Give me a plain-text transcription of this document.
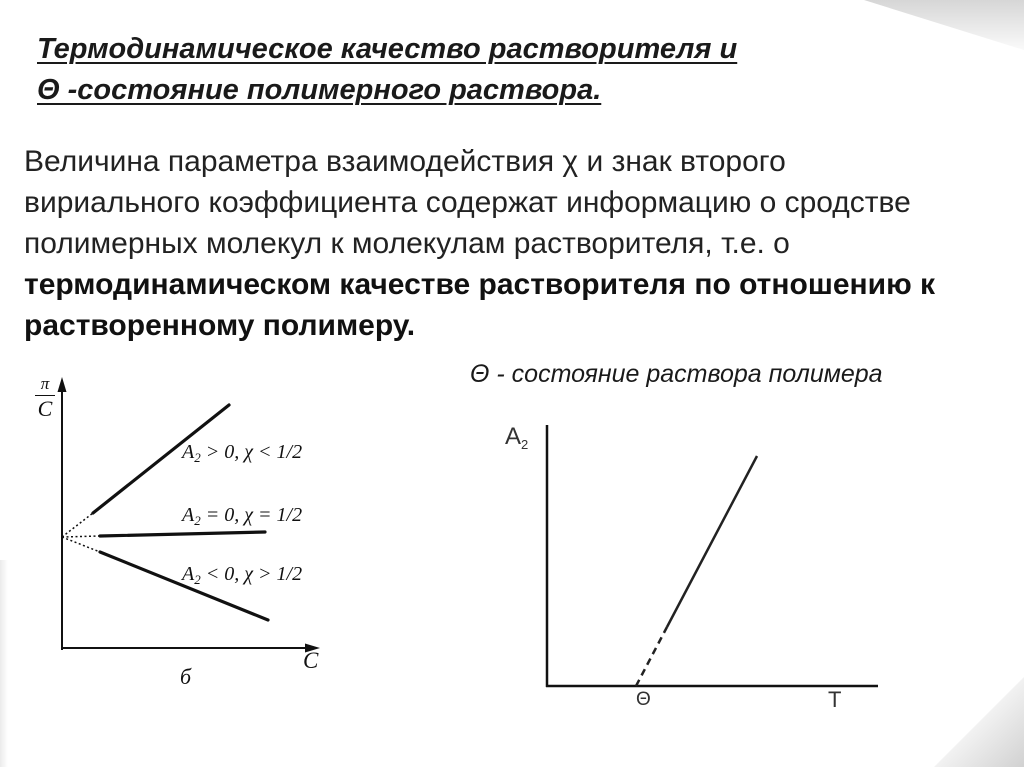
Термодинамическое качество растворителя и
Θ -состояние полимерного раствора.
Величина параметра взаимодействия χ и знак второго
вириального коэффициента содержат информацию о сродстве
полимерных молекул к молекулам растворителя, т.е. о
термодинамическом качестве растворителя по отношению к
растворенному полимеру.
π
C
$A_2 > 0$, χ < 1/2
$A_2 = 0$, χ = 1/2
$A_2 < 0$, χ > 1/2
C
б
Θ - состояние раствора полимера
$A_2$
Θ	T
